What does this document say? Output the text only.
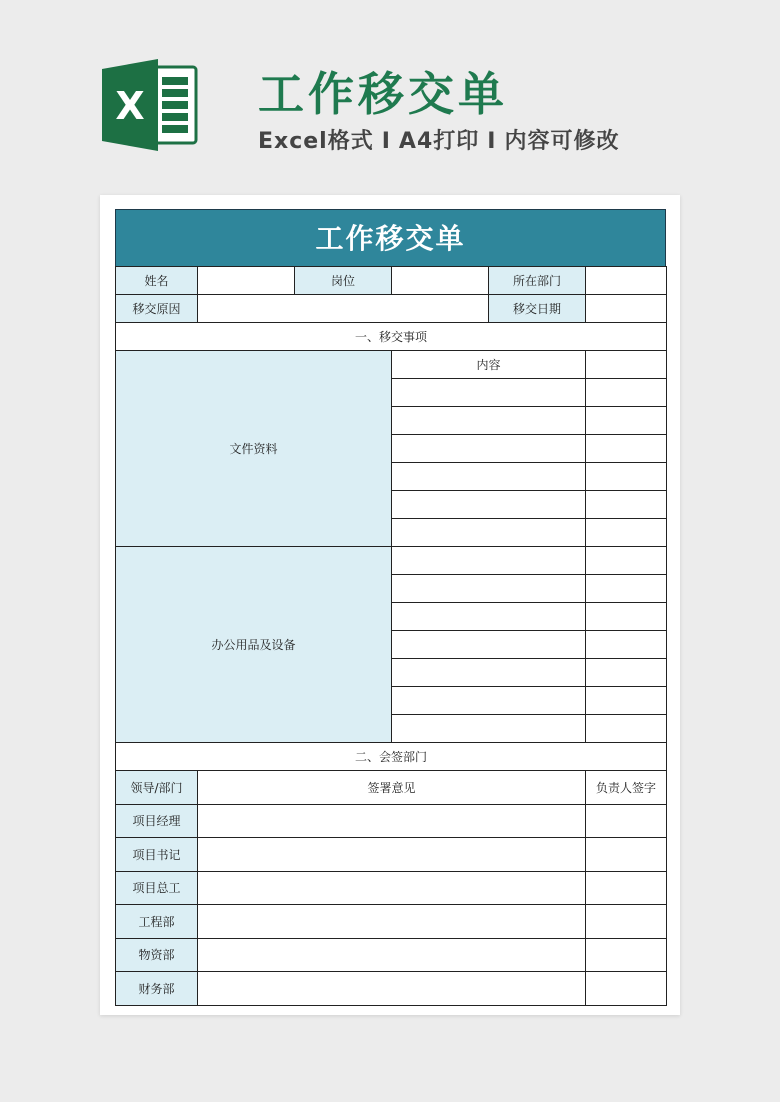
X 工作移交单
Excel格式 I A4打印 I 内容可修改
工作移交单
姓名		岗位		所在部门	
移交原因				移交日期	
一、移交事项					
文件资料			内容		

办公用品及设备					

二、会签部门					
领导/部门	签署意见				负责人签字
项目经理					
项目书记					
项目总工					
工程部					
物资部					
财务部					
